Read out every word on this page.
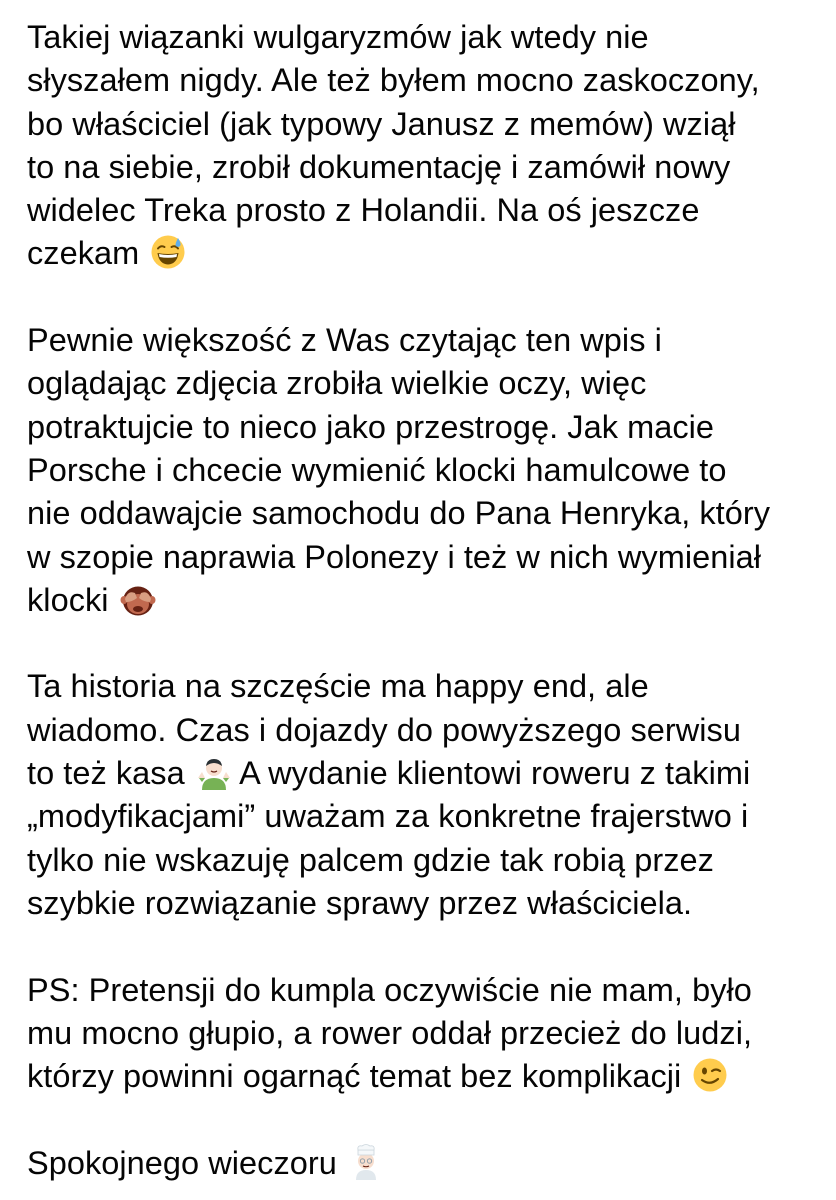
Takiej wiązanki wulgaryzmów jak wtedy nie
słyszałem nigdy. Ale też byłem mocno zaskoczony,
bo właściciel (jak typowy Janusz z memów) wziął
to na siebie, zrobił dokumentację i zamówił nowy
widelec Treka prosto z Holandii. Na oś jeszcze
czekam

Pewnie większość z Was czytając ten wpis i
oglądając zdjęcia zrobiła wielkie oczy, więc
potraktujcie to nieco jako przestrogę. Jak macie
Porsche i chcecie wymienić klocki hamulcowe to
nie oddawajcie samochodu do Pana Henryka, który
w szopie naprawia Polonezy i też w nich wymieniał
klocki

Ta historia na szczęście ma happy end, ale
wiadomo. Czas i dojazdy do powyższego serwisu
to też kasa A wydanie klientowi roweru z takimi
„modyfikacjami” uważam za konkretne frajerstwo i
tylko nie wskazuję palcem gdzie tak robią przez
szybkie rozwiązanie sprawy przez właściciela.

PS: Pretensji do kumpla oczywiście nie mam, było
mu mocno głupio, a rower oddał przecież do ludzi,
którzy powinni ogarnąć temat bez komplikacji

Spokojnego wieczoru
